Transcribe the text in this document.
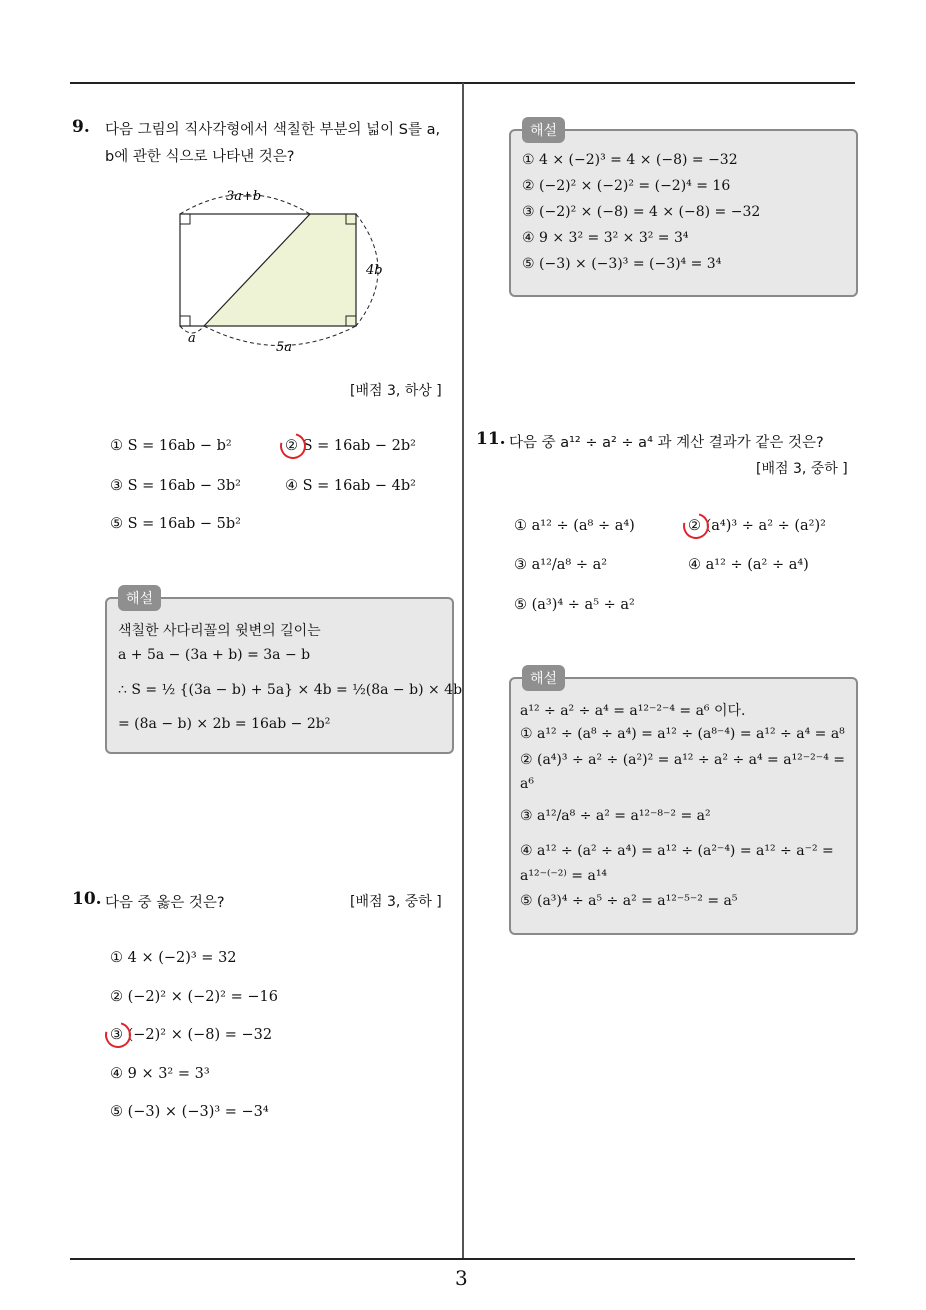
3
9. 다음 그림의 직사각형에서 색칠한 부분의 넓이 S를 a,
b에 관한 식으로 나타낸 것은?
3a+b
4b
a
5a
[배점 3, 하상 ]
① S = 16ab − b²	② S = 16ab − 2b²
③ S = 16ab − 3b²	④ S = 16ab − 4b²
⑤ S = 16ab − 5b²
해설
색칠한 사다리꼴의 윗변의 길이는
a + 5a − (3a + b) = 3a − b
∴ S = ½ {(3a − b) + 5a} × 4b = ½(8a − b) × 4b
= (8a − b) × 2b = 16ab − 2b²
10. 다음 중 옳은 것은?	[배점 3, 중하 ]
① 4 × (−2)³ = 32
② (−2)² × (−2)² = −16
③ (−2)² × (−8) = −32
④ 9 × 3² = 3³
⑤ (−3) × (−3)³ = −3⁴
해설
① 4 × (−2)³ = 4 × (−8) = −32
② (−2)² × (−2)² = (−2)⁴ = 16
③ (−2)² × (−8) = 4 × (−8) = −32
④ 9 × 3² = 3² × 3² = 3⁴
⑤ (−3) × (−3)³ = (−3)⁴ = 3⁴
11. 다음 중 a¹² ÷ a² ÷ a⁴ 과 계산 결과가 같은 것은?
[배점 3, 중하 ]
① a¹² ÷ (a⁸ ÷ a⁴)	② (a⁴)³ ÷ a² ÷ (a²)²
③ a¹²/a⁸ ÷ a²	④ a¹² ÷ (a² ÷ a⁴)
⑤ (a³)⁴ ÷ a⁵ ÷ a²
해설
a¹² ÷ a² ÷ a⁴ = a¹²⁻²⁻⁴ = a⁶ 이다.
① a¹² ÷ (a⁸ ÷ a⁴) = a¹² ÷ (a⁸⁻⁴) = a¹² ÷ a⁴ = a⁸
② (a⁴)³ ÷ a² ÷ (a²)² = a¹² ÷ a² ÷ a⁴ = a¹²⁻²⁻⁴ =
a⁶
③ a¹²/a⁸ ÷ a² = a¹²⁻⁸⁻² = a²
④ a¹² ÷ (a² ÷ a⁴) = a¹² ÷ (a²⁻⁴) = a¹² ÷ a⁻² =
a¹²⁻⁽⁻²⁾ = a¹⁴
⑤ (a³)⁴ ÷ a⁵ ÷ a² = a¹²⁻⁵⁻² = a⁵
